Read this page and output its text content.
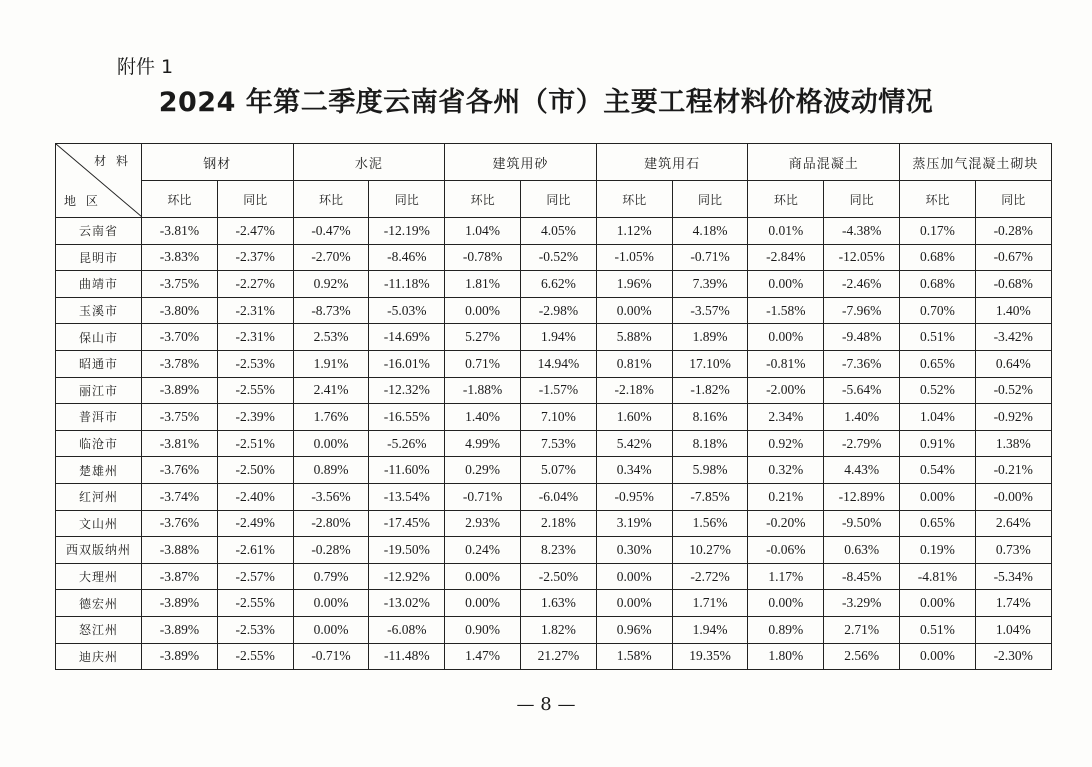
附件 1
2024 年第二季度云南省各州（市）主要工程材料价格波动情况
材 料
地 区	钢材		水泥		建筑用砂		建筑用石		商品混凝土		蒸压加气混凝土砌块	
	环比	同比	环比	同比	环比	同比	环比	同比	环比	同比	环比	同比
云南省	-3.81%	-2.47%	-0.47%	-12.19%	1.04%	4.05%	1.12%	4.18%	0.01%	-4.38%	0.17%	-0.28%
昆明市	-3.83%	-2.37%	-2.70%	-8.46%	-0.78%	-0.52%	-1.05%	-0.71%	-2.84%	-12.05%	0.68%	-0.67%
曲靖市	-3.75%	-2.27%	0.92%	-11.18%	1.81%	6.62%	1.96%	7.39%	0.00%	-2.46%	0.68%	-0.68%
玉溪市	-3.80%	-2.31%	-8.73%	-5.03%	0.00%	-2.98%	0.00%	-3.57%	-1.58%	-7.96%	0.70%	1.40%
保山市	-3.70%	-2.31%	2.53%	-14.69%	5.27%	1.94%	5.88%	1.89%	0.00%	-9.48%	0.51%	-3.42%
昭通市	-3.78%	-2.53%	1.91%	-16.01%	0.71%	14.94%	0.81%	17.10%	-0.81%	-7.36%	0.65%	0.64%
丽江市	-3.89%	-2.55%	2.41%	-12.32%	-1.88%	-1.57%	-2.18%	-1.82%	-2.00%	-5.64%	0.52%	-0.52%
普洱市	-3.75%	-2.39%	1.76%	-16.55%	1.40%	7.10%	1.60%	8.16%	2.34%	1.40%	1.04%	-0.92%
临沧市	-3.81%	-2.51%	0.00%	-5.26%	4.99%	7.53%	5.42%	8.18%	0.92%	-2.79%	0.91%	1.38%
楚雄州	-3.76%	-2.50%	0.89%	-11.60%	0.29%	5.07%	0.34%	5.98%	0.32%	4.43%	0.54%	-0.21%
红河州	-3.74%	-2.40%	-3.56%	-13.54%	-0.71%	-6.04%	-0.95%	-7.85%	0.21%	-12.89%	0.00%	-0.00%
文山州	-3.76%	-2.49%	-2.80%	-17.45%	2.93%	2.18%	3.19%	1.56%	-0.20%	-9.50%	0.65%	2.64%
西双版纳州	-3.88%	-2.61%	-0.28%	-19.50%	0.24%	8.23%	0.30%	10.27%	-0.06%	0.63%	0.19%	0.73%
大理州	-3.87%	-2.57%	0.79%	-12.92%	0.00%	-2.50%	0.00%	-2.72%	1.17%	-8.45%	-4.81%	-5.34%
德宏州	-3.89%	-2.55%	0.00%	-13.02%	0.00%	1.63%	0.00%	1.71%	0.00%	-3.29%	0.00%	1.74%
怒江州	-3.89%	-2.53%	0.00%	-6.08%	0.90%	1.82%	0.96%	1.94%	0.89%	2.71%	0.51%	1.04%
迪庆州	-3.89%	-2.55%	-0.71%	-11.48%	1.47%	21.27%	1.58%	19.35%	1.80%	2.56%	0.00%	-2.30%
— 8 —
